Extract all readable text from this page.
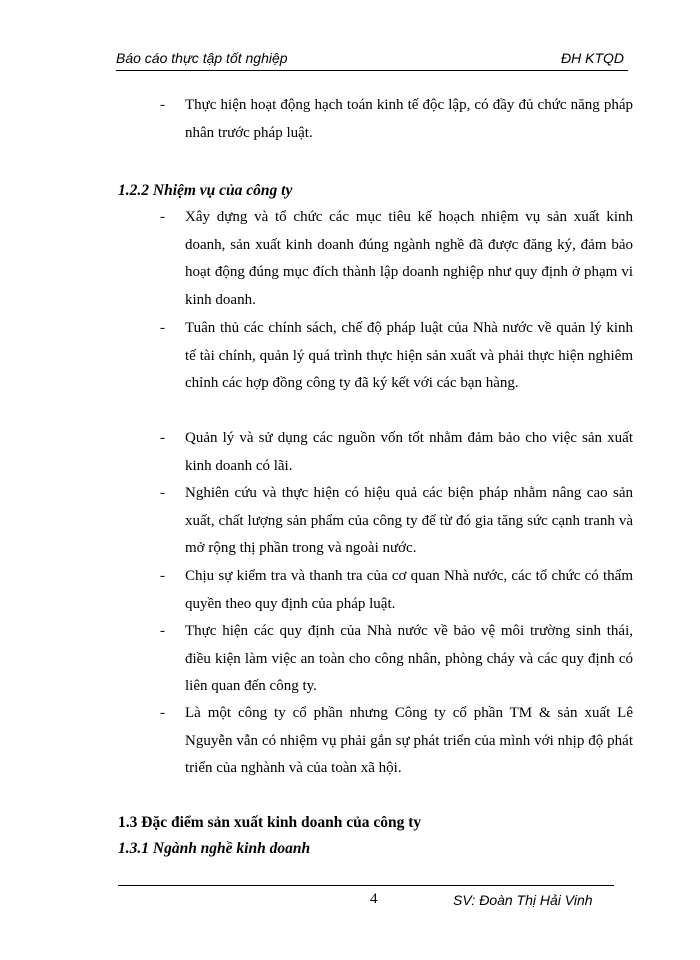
Báo cáo thực tập tốt nghiệp	ĐH KTQD
- Thực hiện hoạt động hạch toán kinh tế độc lập, có đầy đủ chức năng pháp nhân trước pháp luật.
1.2.2 Nhiệm vụ của công ty
- Xây dựng và tổ chức các mục tiêu kế hoạch nhiệm vụ sản xuất kinh doanh, sản xuất kinh doanh đúng ngành nghề đã được đăng ký, đảm bảo hoạt động đúng mục đích thành lập doanh nghiệp như quy định ở phạm vi kinh doanh.
- Tuân thủ các chính sách, chế độ pháp luật của Nhà nước về quản lý kinh tế tài chính, quản lý quá trình thực hiện sản xuất và phải thực hiện nghiêm chỉnh các hợp đồng công ty đã ký kết với các bạn hàng.
- Quản lý và sử dụng các nguồn vốn tốt nhằm đảm bảo cho việc sản xuất kinh doanh có lãi.
- Nghiên cứu và thực hiện có hiệu quả các biện pháp nhằm nâng cao sản xuất, chất lượng sản phẩm của công ty để từ đó gia tăng sức cạnh tranh và mở rộng thị phần trong và ngoài nước.
- Chịu sự kiểm tra và thanh tra của cơ quan Nhà nước, các tổ chức có thẩm quyền theo quy định của pháp luật.
- Thực hiện các quy định của Nhà nước về bảo vệ môi trường sinh thái, điều kiện làm việc an toàn cho công nhân, phòng cháy và các quy định có liên quan đến công ty.
- Là một công ty cổ phần nhưng Công ty cổ phần TM & sản xuất Lê Nguyễn vẫn có nhiệm vụ phải gắn sự phát triển của mình với nhịp độ phát triển của nghành và của toàn xã hội.
1.3 Đặc điểm sản xuất kinh doanh của công ty
1.3.1 Ngành nghề kinh doanh
4	SV: Đoàn Thị Hải Vinh
